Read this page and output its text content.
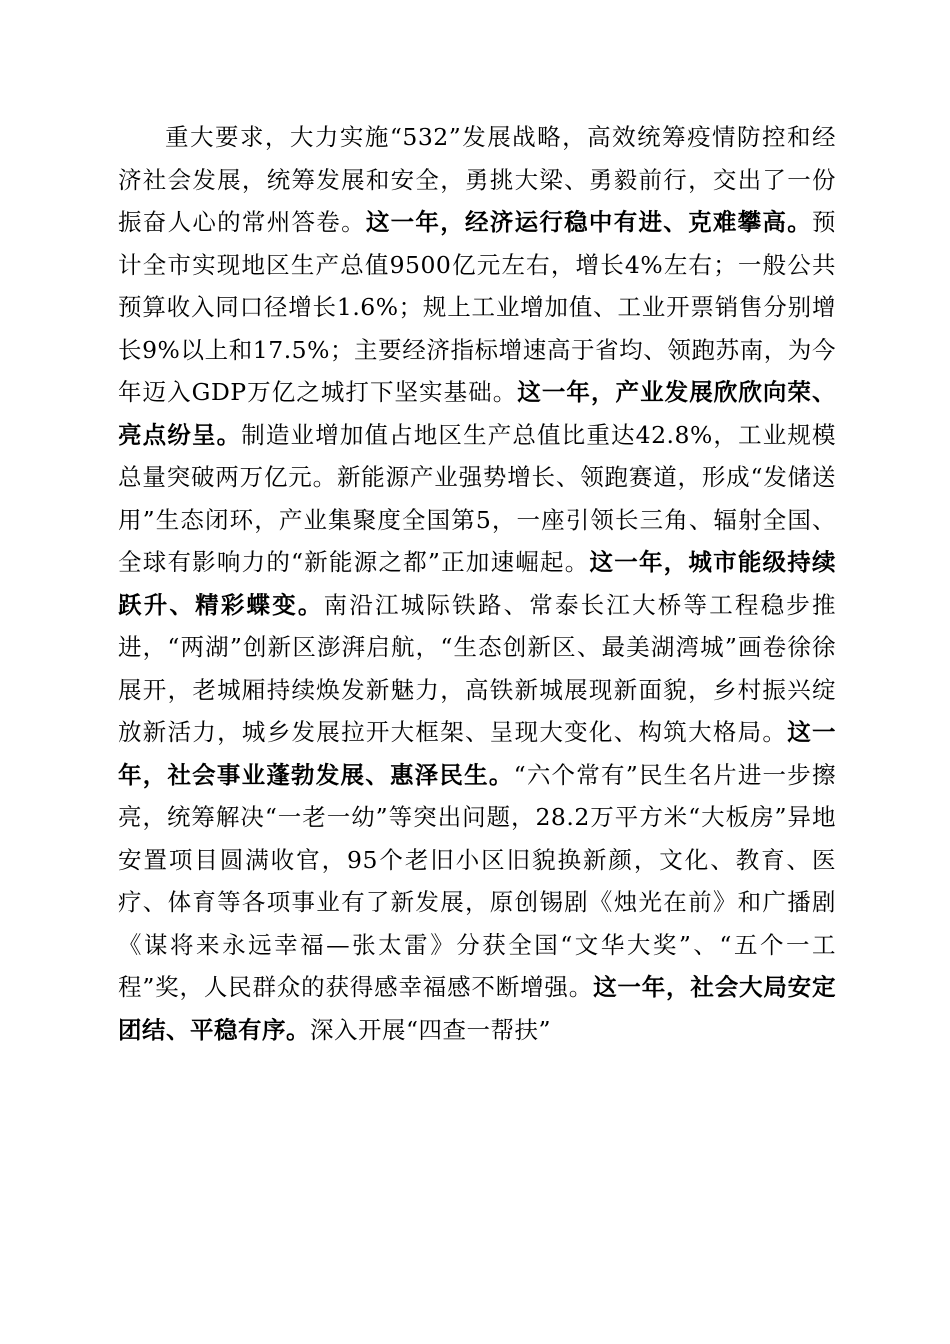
重大要求，大力实施“532”发展战略，高效统筹疫情防控和经济社会发展，统筹发展和安全，勇挑大梁、勇毅前行，交出了一份振奋人心的常州答卷。这一年，经济运行稳中有进、克难攀高。预计全市实现地区生产总值9500亿元左右，增长4%左右；一般公共预算收入同口径增长1.6%；规上工业增加值、工业开票销售分别增长9%以上和17.5%；主要经济指标增速高于省均、领跑苏南，为今年迈入GDP万亿之城打下坚实基础。这一年，产业发展欣欣向荣、亮点纷呈。制造业增加值占地区生产总值比重达42.8%，工业规模总量突破两万亿元。新能源产业强势增长、领跑赛道，形成“发储送用”生态闭环，产业集聚度全国第5，一座引领长三角、辐射全国、全球有影响力的“新能源之都”正加速崛起。这一年，城市能级持续跃升、精彩蝶变。南沿江城际铁路、常泰长江大桥等工程稳步推进，“两湖”创新区澎湃启航，“生态创新区、最美湖湾城”画卷徐徐展开，老城厢持续焕发新魅力，高铁新城展现新面貌，乡村振兴绽放新活力，城乡发展拉开大框架、呈现大变化、构筑大格局。这一年，社会事业蓬勃发展、惠泽民生。“六个常有”民生名片进一步擦亮，统筹解决“一老一幼”等突出问题，28.2万平方米“大板房”异地安置项目圆满收官，95个老旧小区旧貌换新颜，文化、教育、医疗、体育等各项事业有了新发展，原创锡剧《烛光在前》和广播剧《谋将来永远幸福—张太雷》分获全国“文华大奖”、“五个一工程”奖，人民群众的获得感幸福感不断增强。这一年，社会大局安定团结、平稳有序。深入开展“四查一帮扶”
